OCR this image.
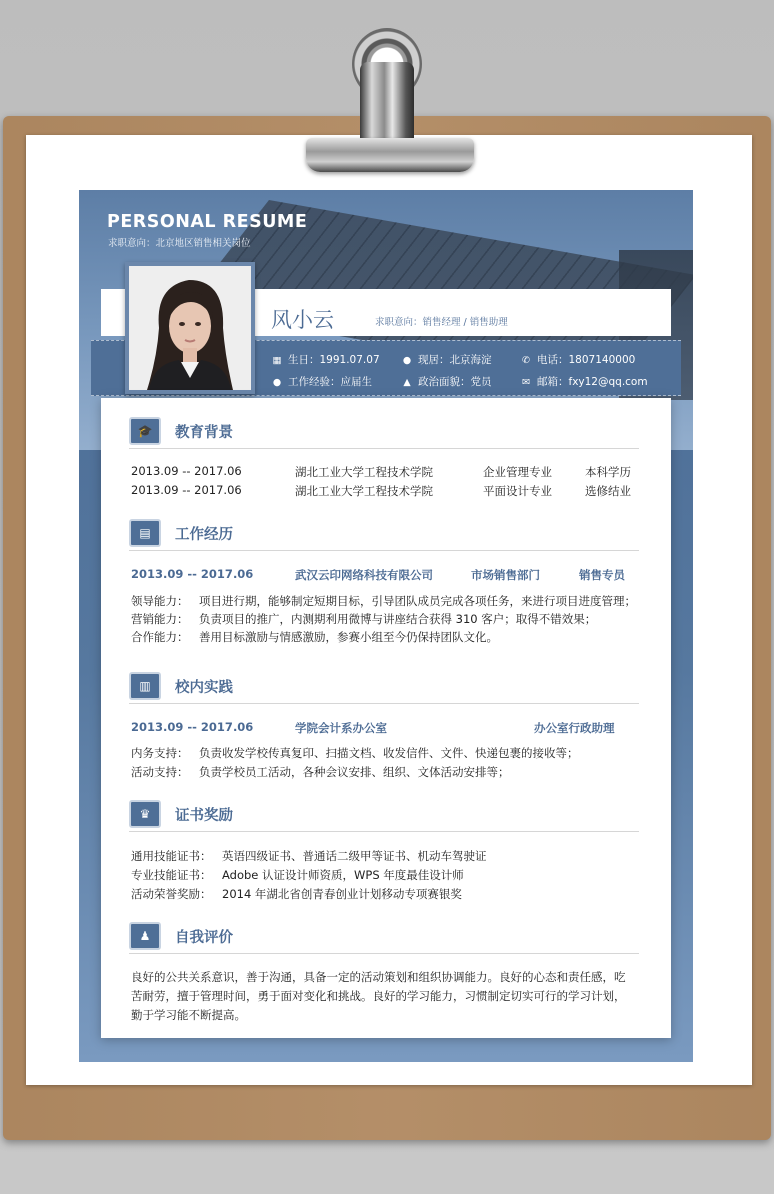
PERSONAL RESUME
求职意向：北京地区销售相关岗位
风小云	求职意向：销售经理 / 销售助理
▦ 生日：1991.07.07 ● 现居：北京海淀	✆ 电话：1807140000
● 工作经验：应届生	▲ 政治面貌：党员	✉ 邮箱：fxy12@qq.com
🎓	教育背景
2013.09 -- 2017.06	湖北工业大学工程技术学院	企业管理专业	本科学历
2013.09 -- 2017.06	湖北工业大学工程技术学院	平面设计专业	选修结业
▤	工作经历
2013.09 -- 2017.06	武汉云印网络科技有限公司	市场销售部门	销售专员
领导能力： 项目进行期，能够制定短期目标，引导团队成员完成各项任务，来进行项目进度管理；
营销能力： 负责项目的推广，内测期利用微博与讲座结合获得 310 客户；取得不错效果；
合作能力： 善用目标激励与情感激励，参赛小组至今仍保持团队文化。
▥	校内实践
2013.09 -- 2017.06	学院会计系办公室	办公室行政助理
内务支持： 负责收发学校传真复印、扫描文档、收发信件、文件、快递包裹的接收等；
活动支持： 负责学校员工活动，各种会议安排、组织、文体活动安排等；
♛	证书奖励
通用技能证书： 英语四级证书、普通话二级甲等证书、机动车驾驶证
专业技能证书： Adobe 认证设计师资质，WPS 年度最佳设计师
活动荣誉奖励： 2014 年湖北省创青春创业计划移动专项赛银奖
♟	自我评价
良好的公共关系意识，善于沟通，具备一定的活动策划和组织协调能力。良好的心态和责任感，吃
苦耐劳，擅于管理时间，勇于面对变化和挑战。良好的学习能力，习惯制定切实可行的学习计划，
勤于学习能不断提高。
